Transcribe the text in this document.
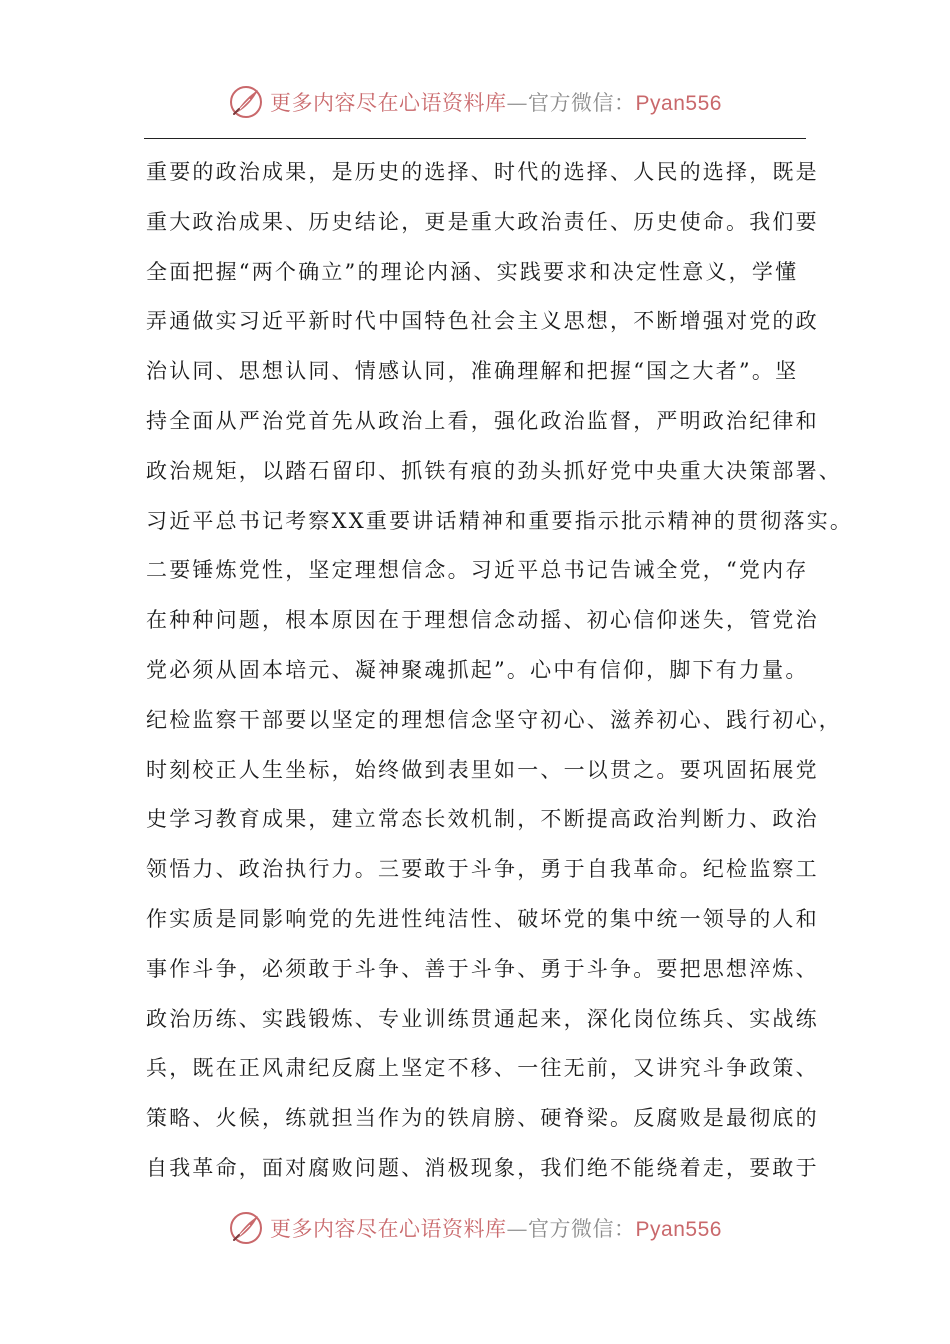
更多内容尽在心语资料库—官方微信：Pyan556
重要的政治成果，是历史的选择、时代的选择、人民的选择，既是
重大政治成果、历史结论，更是重大政治责任、历史使命。我们要
全面把握“两个确立”的理论内涵、实践要求和决定性意义，学懂
弄通做实习近平新时代中国特色社会主义思想，不断增强对党的政
治认同、思想认同、情感认同，准确理解和把握“国之大者”。坚
持全面从严治党首先从政治上看，强化政治监督，严明政治纪律和
政治规矩，以踏石留印、抓铁有痕的劲头抓好党中央重大决策部署、
习近平总书记考察XX重要讲话精神和重要指示批示精神的贯彻落实。
二要锤炼党性，坚定理想信念。习近平总书记告诫全党，“党内存
在种种问题，根本原因在于理想信念动摇、初心信仰迷失，管党治
党必须从固本培元、凝神聚魂抓起”。心中有信仰，脚下有力量。
纪检监察干部要以坚定的理想信念坚守初心、滋养初心、践行初心，
时刻校正人生坐标，始终做到表里如一、一以贯之。要巩固拓展党
史学习教育成果，建立常态长效机制，不断提高政治判断力、政治
领悟力、政治执行力。三要敢于斗争，勇于自我革命。纪检监察工
作实质是同影响党的先进性纯洁性、破坏党的集中统一领导的人和
事作斗争，必须敢于斗争、善于斗争、勇于斗争。要把思想淬炼、
政治历练、实践锻炼、专业训练贯通起来，深化岗位练兵、实战练
兵，既在正风肃纪反腐上坚定不移、一往无前，又讲究斗争政策、
策略、火候，练就担当作为的铁肩膀、硬脊梁。反腐败是最彻底的
自我革命，面对腐败问题、消极现象，我们绝不能绕着走，要敢于
更多内容尽在心语资料库—官方微信：Pyan556
